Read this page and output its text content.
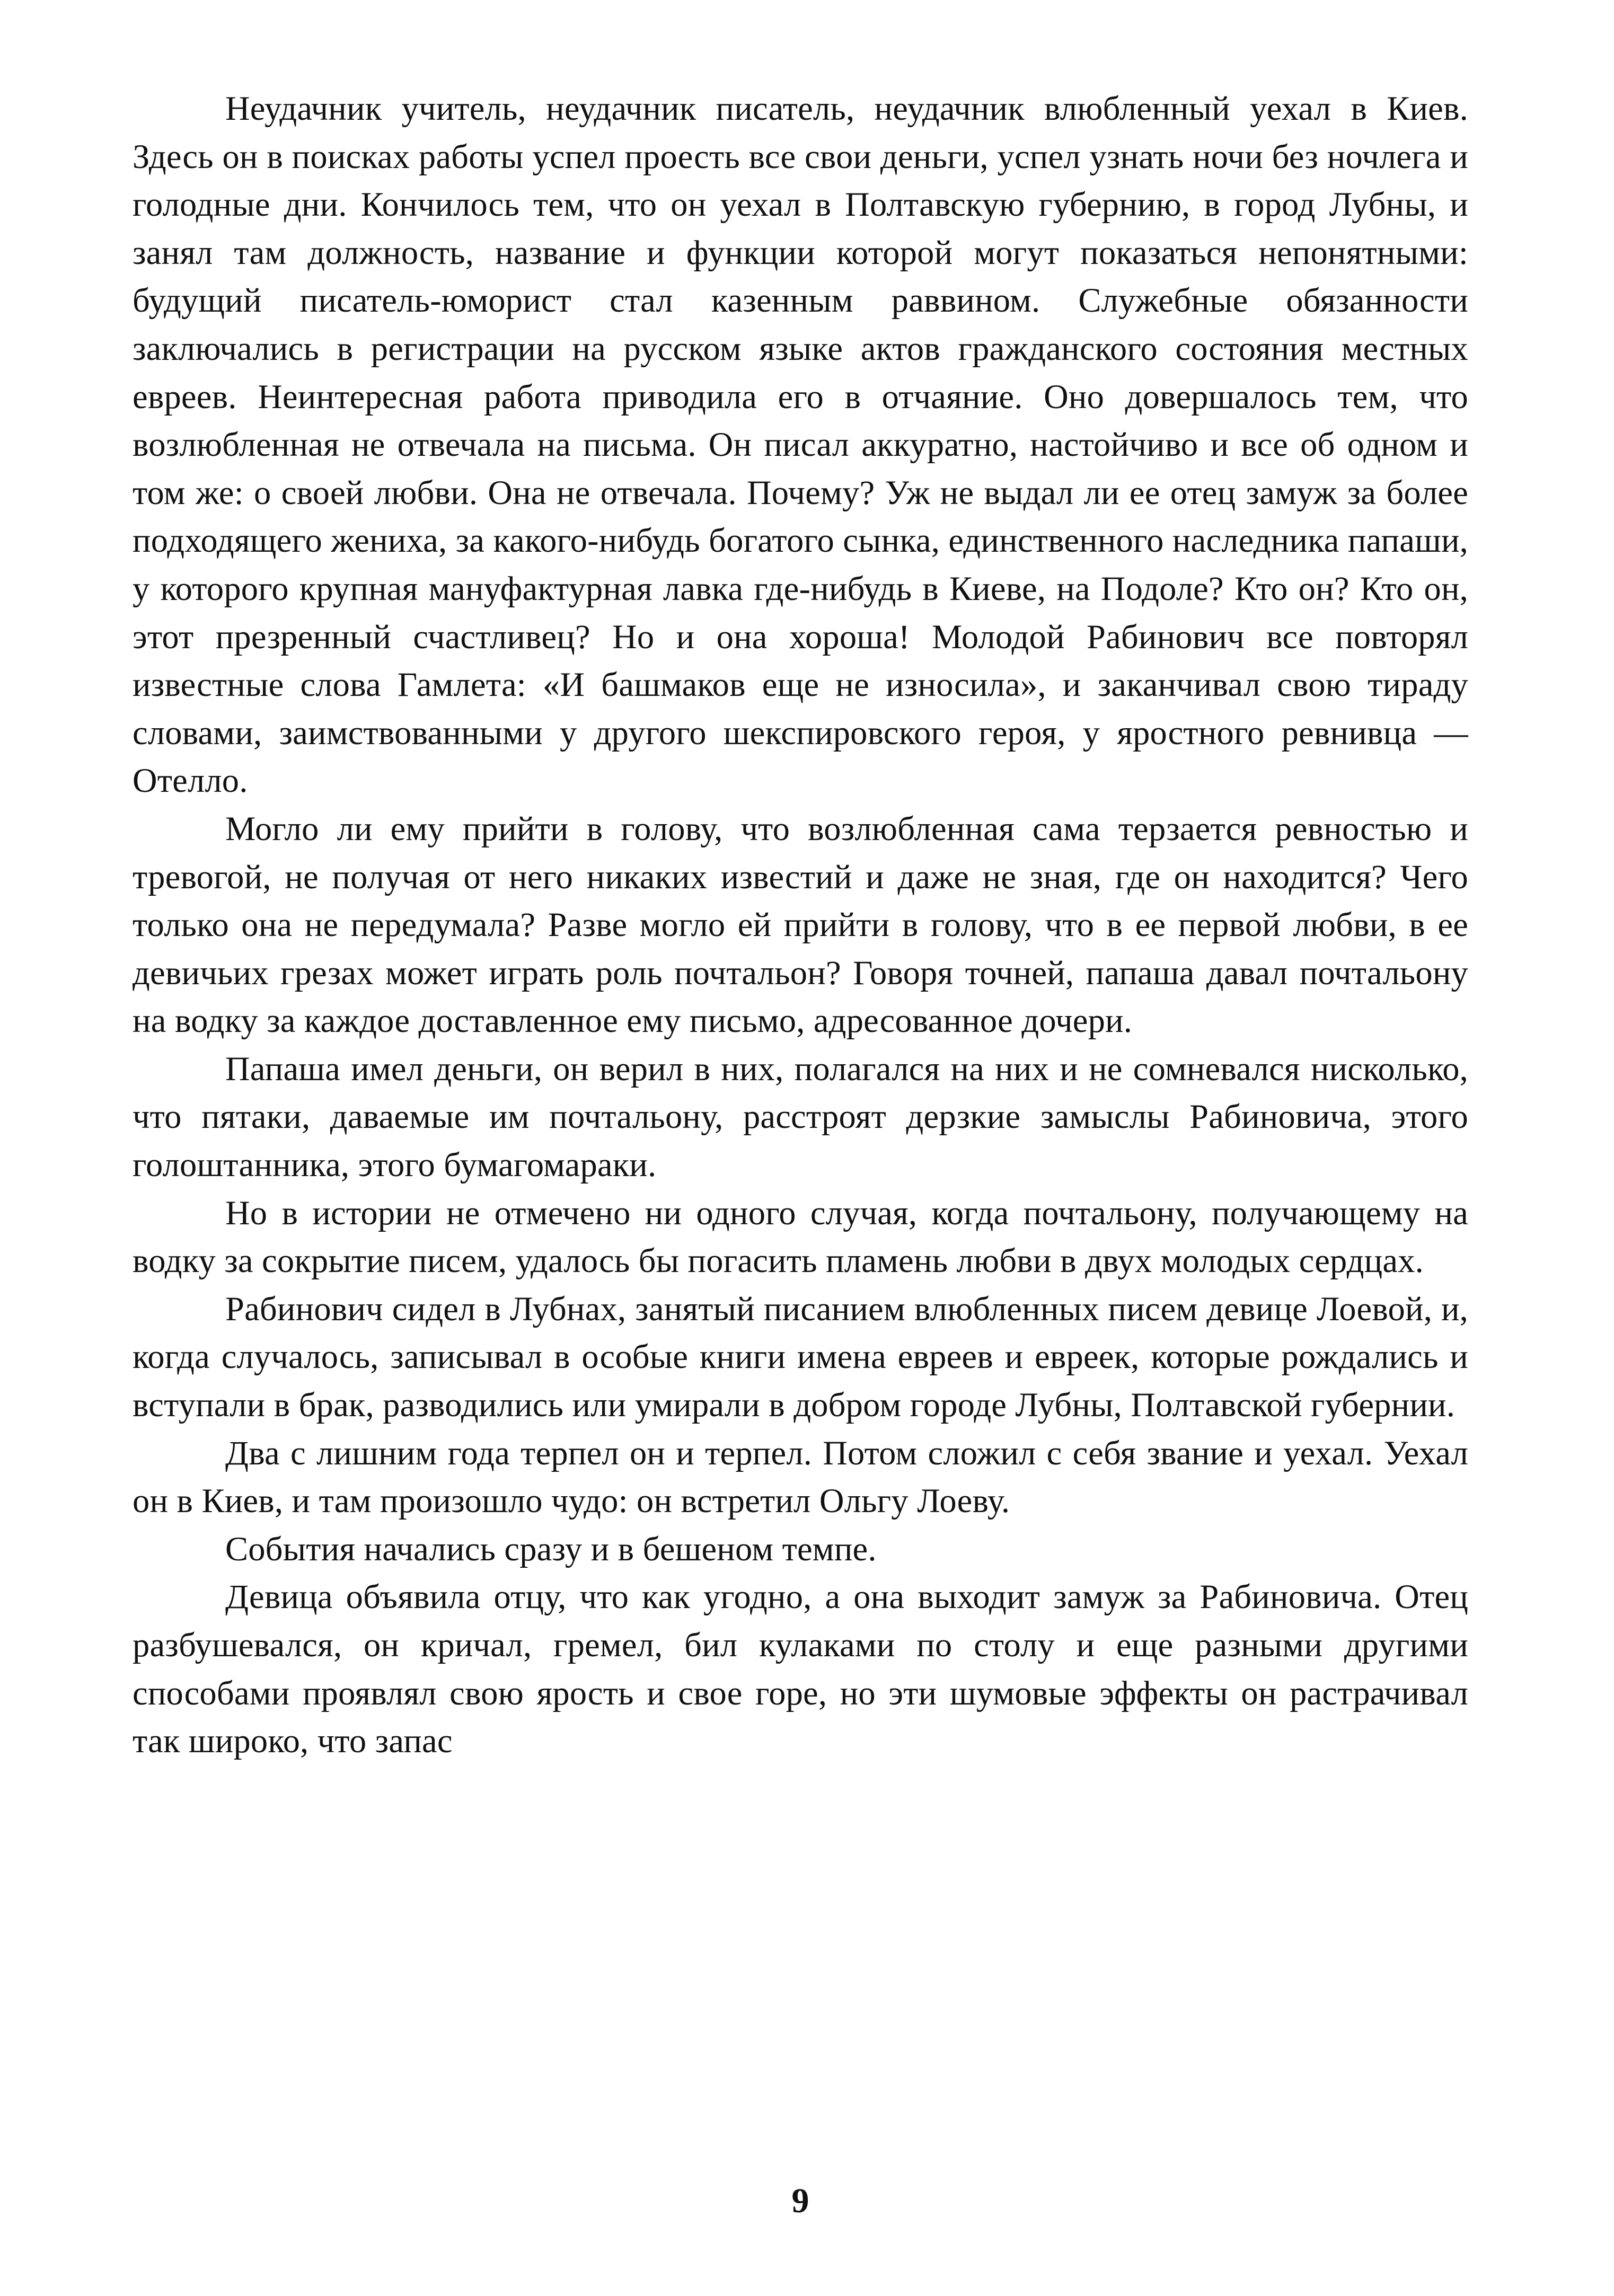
Неудачник учитель, неудачник писатель, неудачник влюбленный уехал в Киев. Здесь он в поисках работы успел проесть все свои деньги, успел узнать ночи без ночлега и голодные дни. Кончилось тем, что он уехал в Полтавскую губернию, в город Лубны, и занял там должность, название и функции которой могут показаться непонятными: будущий писатель-юморист стал казенным раввином. Служебные обязанности заключались в регистрации на русском языке актов гражданского состояния местных евреев. Неинтересная работа приводила его в отчаяние. Оно довершалось тем, что возлюбленная не отвечала на письма. Он писал аккуратно, настойчиво и все об одном и том же: о своей любви. Она не отвечала. Почему? Уж не выдал ли ее отец замуж за более подходящего жениха, за какого-нибудь богатого сынка, единственного наследника папаши, у которого крупная мануфактурная лавка где-нибудь в Киеве, на Подоле? Кто он? Кто он, этот презренный счастливец? Но и она хороша! Молодой Рабинович все повторял известные слова Гамлета: «И башмаков еще не износила», и заканчивал свою тираду словами, заимствованными у другого шекспировского героя, у яростного ревнивца — Отелло.

Могло ли ему прийти в голову, что возлюбленная сама терзается ревностью и тревогой, не получая от него никаких известий и даже не зная, где он находится? Чего только она не передумала? Разве могло ей прийти в голову, что в ее первой любви, в ее девичьих грезах может играть роль почтальон? Говоря точней, папаша давал почтальону на водку за каждое доставленное ему письмо, адресованное дочери.

Папаша имел деньги, он верил в них, полагался на них и не сомневался нисколько, что пятаки, даваемые им почтальону, расстроят дерзкие замыслы Рабиновича, этого голоштанника, этого бумагомараки.

Но в истории не отмечено ни одного случая, когда почтальону, получающему на водку за сокрытие писем, удалось бы погасить пламень любви в двух молодых сердцах.

Рабинович сидел в Лубнах, занятый писанием влюбленных писем девице Лоевой, и, когда случалось, записывал в особые книги имена евреев и евреек, которые рождались и вступали в брак, разводились или умирали в добром городе Лубны, Полтавской губернии.

Два с лишним года терпел он и терпел. Потом сложил с себя звание и уехал. Уехал он в Киев, и там произошло чудо: он встретил Ольгу Лоеву.

События начались сразу и в бешеном темпе.

Девица объявила отцу, что как угодно, а она выходит замуж за Рабиновича. Отец разбушевался, он кричал, гремел, бил кулаками по столу и еще разными другими способами проявлял свою ярость и свое горе, но эти шумовые эффекты он растрачивал так широко, что запас

9
